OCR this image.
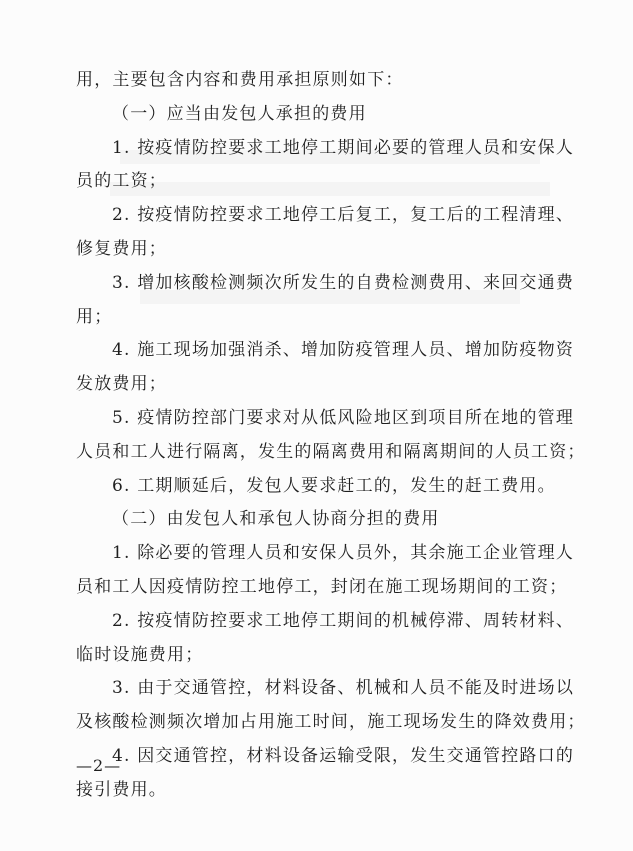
用，主要包含内容和费用承担原则如下：

（一）应当由发包人承担的费用

1. 按疫情防控要求工地停工期间必要的管理人员和安保人

员的工资；

2. 按疫情防控要求工地停工后复工，复工后的工程清理、

修复费用；

3. 增加核酸检测频次所发生的自费检测费用、来回交通费

用；

4. 施工现场加强消杀、增加防疫管理人员、增加防疫物资

发放费用；

5. 疫情防控部门要求对从低风险地区到项目所在地的管理

人员和工人进行隔离，发生的隔离费用和隔离期间的人员工资；

6. 工期顺延后，发包人要求赶工的，发生的赶工费用。

（二）由发包人和承包人协商分担的费用

1. 除必要的管理人员和安保人员外，其余施工企业管理人

员和工人因疫情防控工地停工，封闭在施工现场期间的工资；

2. 按疫情防控要求工地停工期间的机械停滞、周转材料、

临时设施费用；

3. 由于交通管控，材料设备、机械和人员不能及时进场以

及核酸检测频次增加占用施工时间，施工现场发生的降效费用；

4. 因交通管控，材料设备运输受限，发生交通管控路口的

接引费用。

—2—
